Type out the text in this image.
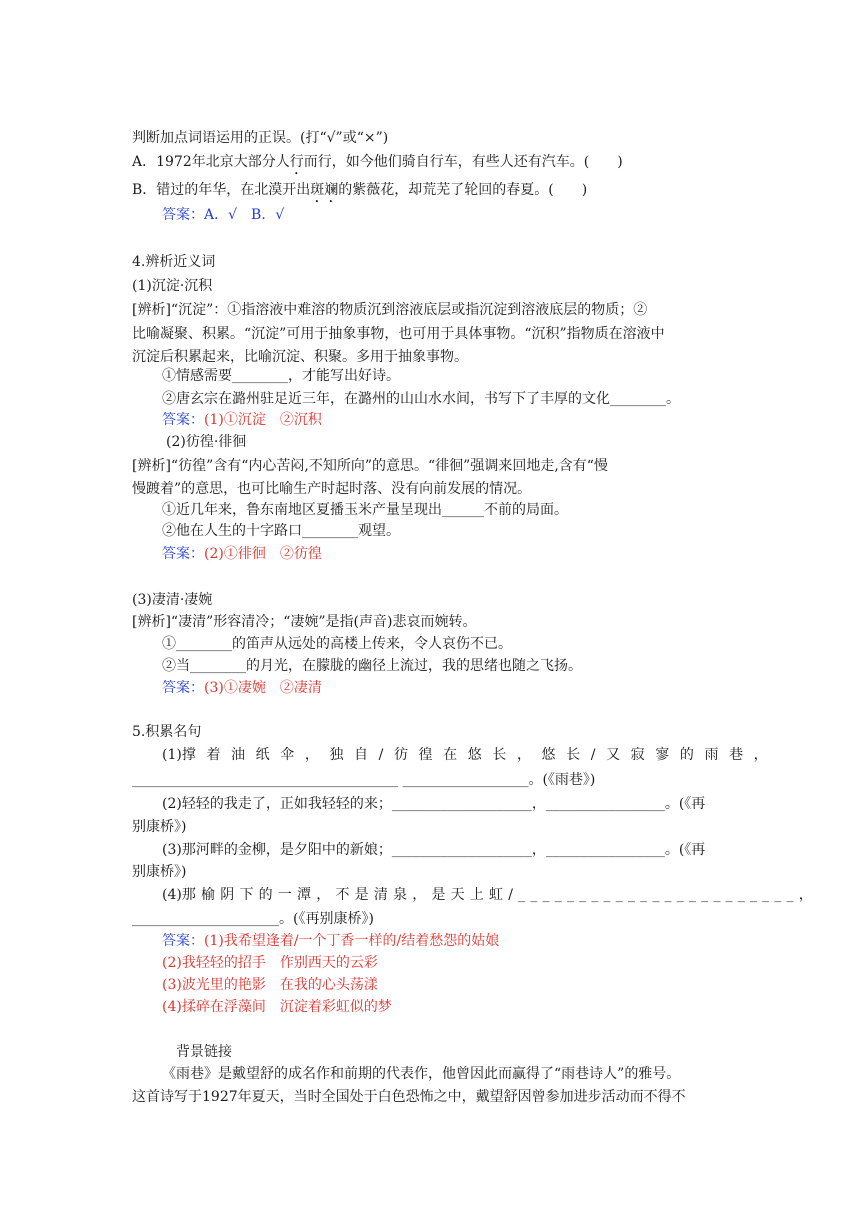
判断加点词语运用的正误。(打“√”或“×”)
A．1972年北京大部分人行而行，如今他们骑自行车，有些人还有汽车。(　　)
B．错过的年华，在北漠开出斑斓的紫薇花，却荒芜了轮回的春夏。(　　)
答案：A．√　B．√
4.辨析近义词
(1)沉淀·沉积
[辨析]“沉淀”：①指溶液中难溶的物质沉到溶液底层或指沉淀到溶液底层的物质；②
比喻凝聚、积累。“沉淀”可用于抽象事物，也可用于具体事物。“沉积”指物质在溶液中
沉淀后积累起来，比喻沉淀、积聚。多用于抽象事物。
①情感需要________，才能写出好诗。
②唐玄宗在潞州驻足近三年，在潞州的山山水水间，书写下了丰厚的文化________。
答案：(1)①沉淀　②沉积
(2)彷徨·徘徊
[辨析]“彷徨”含有“内心苦闷,不知所向”的意思。“徘徊”强调来回地走,含有“慢
慢踱着”的意思，也可比喻生产时起时落、没有向前发展的情况。
①近几年来，鲁东南地区夏播玉米产量呈现出______不前的局面。
②他在人生的十字路口________观望。
答案：(2)①徘徊　②彷徨
(3)凄清·凄婉
[辨析]“凄清”形容清冷；“凄婉”是指(声音)悲哀而婉转。
①________的笛声从远处的高楼上传来，令人哀伤不已。
②当________的月光，在朦胧的幽径上流过，我的思绪也随之飞扬。
答案：(3)①凄婉　②凄清
5.积累名句
(1) 撑着油纸伞，独自/彷徨在悠长，悠长/又寂寥的雨巷，
______________________________________ __________________。(《雨巷》)
(2)轻轻的我走了，正如我轻轻的来；____________________，_________________。(《再
别康桥》)
(3)那河畔的金柳，是夕阳中的新娘；____________________，_________________。(《再
别康桥》)
(4)那榆阴下的一潭，不是清泉，是天上虹/_______________________，
_____________________。(《再别康桥》)
答案：(1)我希望逢着/一个丁香一样的/结着愁怨的姑娘
(2)我轻轻的招手　作别西天的云彩
(3)波光里的艳影　在我的心头荡漾
(4)揉碎在浮藻间　沉淀着彩虹似的梦
背景链接
《雨巷》是戴望舒的成名作和前期的代表作，他曾因此而赢得了“雨巷诗人”的雅号。
这首诗写于1927年夏天，当时全国处于白色恐怖之中，戴望舒因曾参加进步活动而不得不
